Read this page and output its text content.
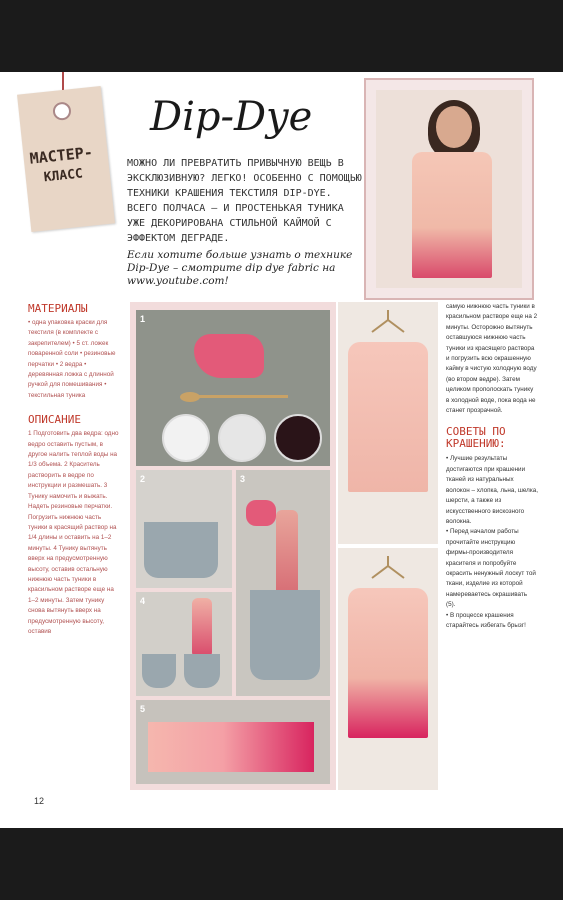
МАСТЕР-
КЛАСС
Dip-Dye
МОЖНО ЛИ ПРЕВРАТИТЬ ПРИВЫЧНУЮ ВЕЩЬ В ЭКСКЛЮЗИВНУЮ? ЛЕГКО! ОСОБЕННО С ПОМОЩЬЮ ТЕХНИКИ КРАШЕНИЯ ТЕКСТИЛЯ DIP-DYE. ВСЕГО ПОЛЧАСА – И ПРОСТЕНЬКАЯ ТУНИКА УЖЕ ДЕКОРИРОВАНА СТИЛЬНОЙ КАЙМОЙ С ЭФФЕКТОМ ДЕГРАДЕ.
Если хотите больше узнать о технике Dip-Dye – смотрите dip dye fabric на www.youtube.com!
МАТЕРИАЛЫ

• одна упаковка краски для текстиля (в комплекте с закрепителем) • 5 ст. ложек поваренной соли • резиновые перчатки • 2 ведра • деревянная ложка с длинной ручкой для помешивания • текстильная туника

ОПИСАНИЕ

1 Подготовить два ведра: одно ведро оставить пустым, в другое налить теплой воды на 1/3 объема. 2 Краситель растворить в ведре по инструкции и размешать. 3 Тунику намочить и выжать. Надеть резиновые перчатки. Погрузить нижнюю часть туники в красящий раствор на 1/4 длины и оставить на 1–2 минуты. 4 Тунику вытянуть вверх на предусмотренную высоту, оставив остальную нижнюю часть туники в красильном растворе еще на 1–2 минуты. Затем тунику снова вытянуть вверх на предусмотренную высоту, оставив

12
1
2	3
4
5

самую нижнюю часть туники в красильном растворе еще на 2 минуты. Осторожно вытянуть оставшуюся нижнюю часть туники из красящего раствора и погрузить всю окрашенную кайму в чистую холодную воду (во втором ведре). Затем целиком прополоскать тунику в холодной воде, пока вода не станет прозрачной.

СОВЕТЫ ПО КРАШЕНИЮ:

• Лучшие результаты достигаются при крашении тканей из натуральных волокон – хлопка, льна, шелка, шерсти, а также из искусственного вискозного волокна.

• Перед началом работы прочитайте инструкцию фирмы-производителя красителя и попробуйте окрасить ненужный лоскут той ткани, изделие из которой намереваетесь окрашивать (5).

• В процессе крашения старайтесь избегать брызг!
